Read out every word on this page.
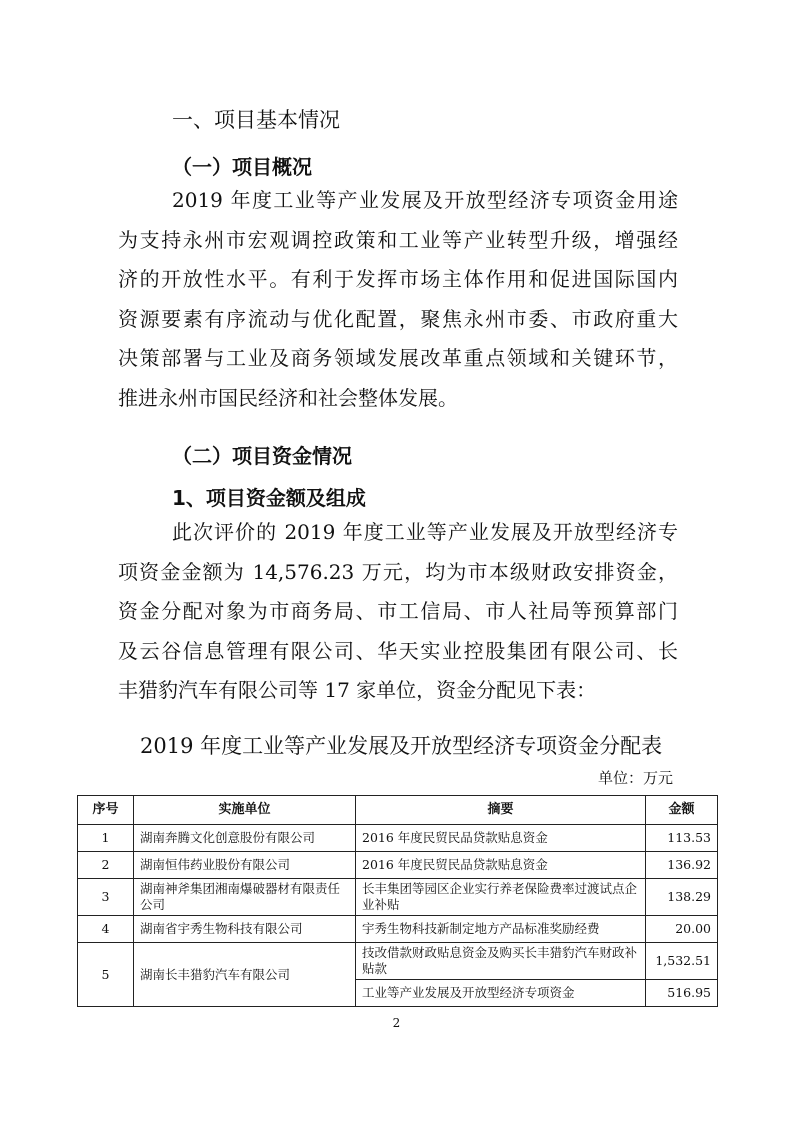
一、项目基本情况
（一）项目概况
2019 年度工业等产业发展及开放型经济专项资金用途
为支持永州市宏观调控政策和工业等产业转型升级，增强经
济的开放性水平。有利于发挥市场主体作用和促进国际国内
资源要素有序流动与优化配置，聚焦永州市委、市政府重大
决策部署与工业及商务领域发展改革重点领域和关键环节，
推进永州市国民经济和社会整体发展。
（二）项目资金情况
1、项目资金额及组成
此次评价的 2019 年度工业等产业发展及开放型经济专
项资金金额为 14,576.23 万元，均为市本级财政安排资金，
资金分配对象为市商务局、市工信局、市人社局等预算部门
及云谷信息管理有限公司、华天实业控股集团有限公司、长
丰猎豹汽车有限公司等 17 家单位，资金分配见下表：
2019 年度工业等产业发展及开放型经济专项资金分配表
单位：万元
序号	实施单位	摘要	金额
1	湖南奔腾文化创意股份有限公司	2016 年度民贸民品贷款贴息资金	113.53
2	湖南恒伟药业股份有限公司	2016 年度民贸民品贷款贴息资金	136.92
3	湖南神斧集团湘南爆破器材有限责任公司	长丰集团等园区企业实行养老保险费率过渡试点企业补贴	138.29
4	湖南省宇秀生物科技有限公司	宇秀生物科技新制定地方产品标准奖励经费	20.00
5	湖南长丰猎豹汽车有限公司	技改借款财政贴息资金及购买长丰猎豹汽车财政补贴款	1,532.51
		工业等产业发展及开放型经济专项资金	516.95
2
